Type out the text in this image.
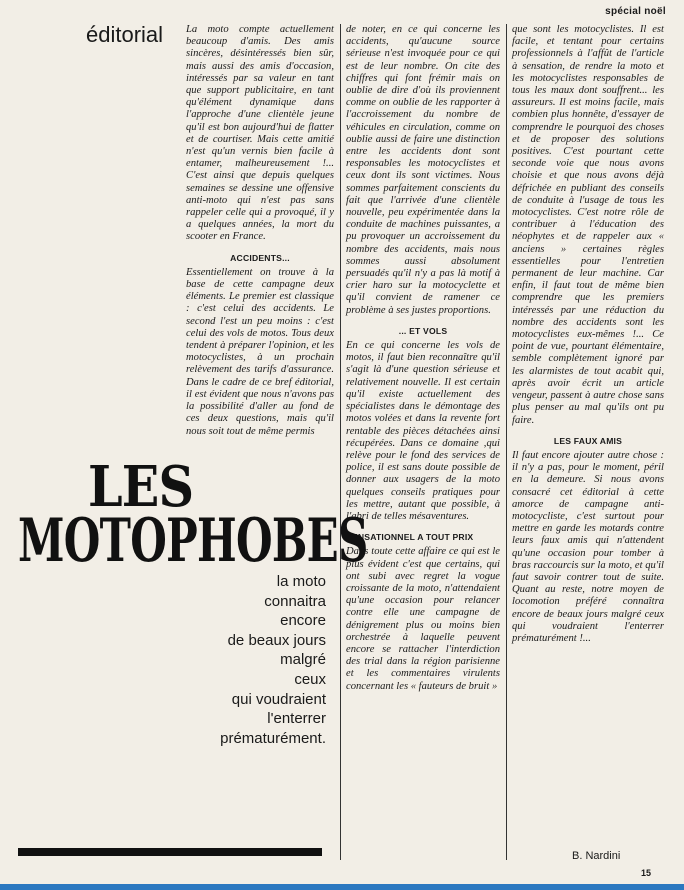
spécial noël
éditorial La moto compte actuellement beaucoup d'amis. Des amis sincères, désintéressés bien sûr, mais aussi des amis d'occasion, intéressés par sa valeur en tant que support publicitaire, en tant qu'élément dynamique dans l'approche d'une clientèle jeune qu'il est bon aujourd'hui de flatter et de courtiser. Mais cette amitié n'est qu'un vernis bien facile à entamer, malheureusement !... C'est ainsi que depuis quelques semaines se dessine une offensive anti-moto qui n'est pas sans rappeler celle qui a provoqué, il y a quelques années, la mort du scooter en France.

ACCIDENTS...

Essentiellement on trouve à la base de cette campagne deux éléments. Le premier est classique : c'est celui des accidents. Le second l'est un peu moins : c'est celui des vols de motos. Tous deux tendent à préparer l'opinion, et les motocyclistes, à un prochain relèvement des tarifs d'assurance. Dans le cadre de ce bref éditorial, il est évident que nous n'avons pas la possibilité d'aller au fond de ces deux questions, mais qu'il nous soit tout de même permis

de noter, en ce qui concerne les accidents, qu'aucune source sérieuse n'est invoquée pour ce qui est de leur nombre. On cite des chiffres qui font frémir mais on oublie de dire d'où ils proviennent comme on oublie de les rapporter à l'accroissement du nombre de véhicules en circulation, comme on oublie aussi de faire une distinction entre les accidents dont sont responsables les motocyclistes et ceux dont ils sont victimes. Nous sommes parfaitement conscients du fait que l'arrivée d'une clientèle nouvelle, peu expérimentée dans la conduite de machines puissantes, a pu provoquer un accroissement du nombre des accidents, mais nous sommes aussi absolument persuadés qu'il n'y a pas là motif à crier haro sur la motocyclette et qu'il convient de ramener ce problème à ses justes proportions.

... ET VOLS

En ce qui concerne les vols de motos, il faut bien reconnaître qu'il s'agit là d'une question sérieuse et relativement nouvelle. Il est certain qu'il existe actuellement des spécialistes dans le démontage des motos volées et dans la revente fort rentable des pièces détachées ainsi récupérées. Dans ce domaine ,qui relève pour le fond des services de police, il est sans doute possible de donner aux usagers de la moto quelques conseils pratiques pour les mettre, autant que possible, à l'abri de telles mésaventures.

SENSATIONNEL A TOUT PRIX

Dans toute cette affaire ce qui est le plus évident c'est que certains, qui ont subi avec regret la vogue croissante de la moto, n'attendaient qu'une occasion pour relancer contre elle une campagne de dénigrement plus ou moins bien orchestrée à laquelle peuvent encore se rattacher l'interdiction des trial dans la région parisienne et les commentaires virulents concernant les « fauteurs de bruit »

que sont les motocyclistes. Il est facile, et tentant pour certains professionnels à l'affût de l'article à sensation, de rendre la moto et les motocyclistes responsables de tous les maux dont souffrent... les assureurs. Il est moins facile, mais combien plus honnête, d'essayer de comprendre le pourquoi des choses et de proposer des solutions positives. C'est pourtant cette seconde voie que nous avons choisie et que nous avons déjà défrichée en publiant des conseils de conduite à l'usage de tous les motocyclistes. C'est notre rôle de contribuer à l'éducation des néophytes et de rappeler aux « anciens » certaines règles essentielles pour l'entretien permanent de leur machine. Car enfin, il faut tout de même bien comprendre que les premiers intéressés par une réduction du nombre des accidents sont les motocyclistes eux-mêmes !... Ce point de vue, pourtant élémentaire, semble complètement ignoré par les alarmistes de tout acabit qui, après avoir écrit un article vengeur, passent à autre chose sans plus penser au mal qu'ils ont pu faire.

LES FAUX AMIS

Il faut encore ajouter autre chose : il n'y a pas, pour le moment, péril en la demeure. Si nous avons consacré cet éditorial à cette amorce de campagne anti-motocycliste, c'est surtout pour mettre en garde les motards contre leurs faux amis qui n'attendent qu'une occasion pour tomber à bras raccourcis sur la moto, et qu'il faut savoir contrer tout de suite. Quant au reste, notre moyen de locomotion préféré connaîtra encore de beaux jours malgré ceux qui voudraient l'enterrer prématurément !...

LES
MOTOPHOBES
la moto
connaitra
encore
de beaux jours
malgré
ceux
qui voudraient
l'enterrer
prématurément.
B. Nardini
15
